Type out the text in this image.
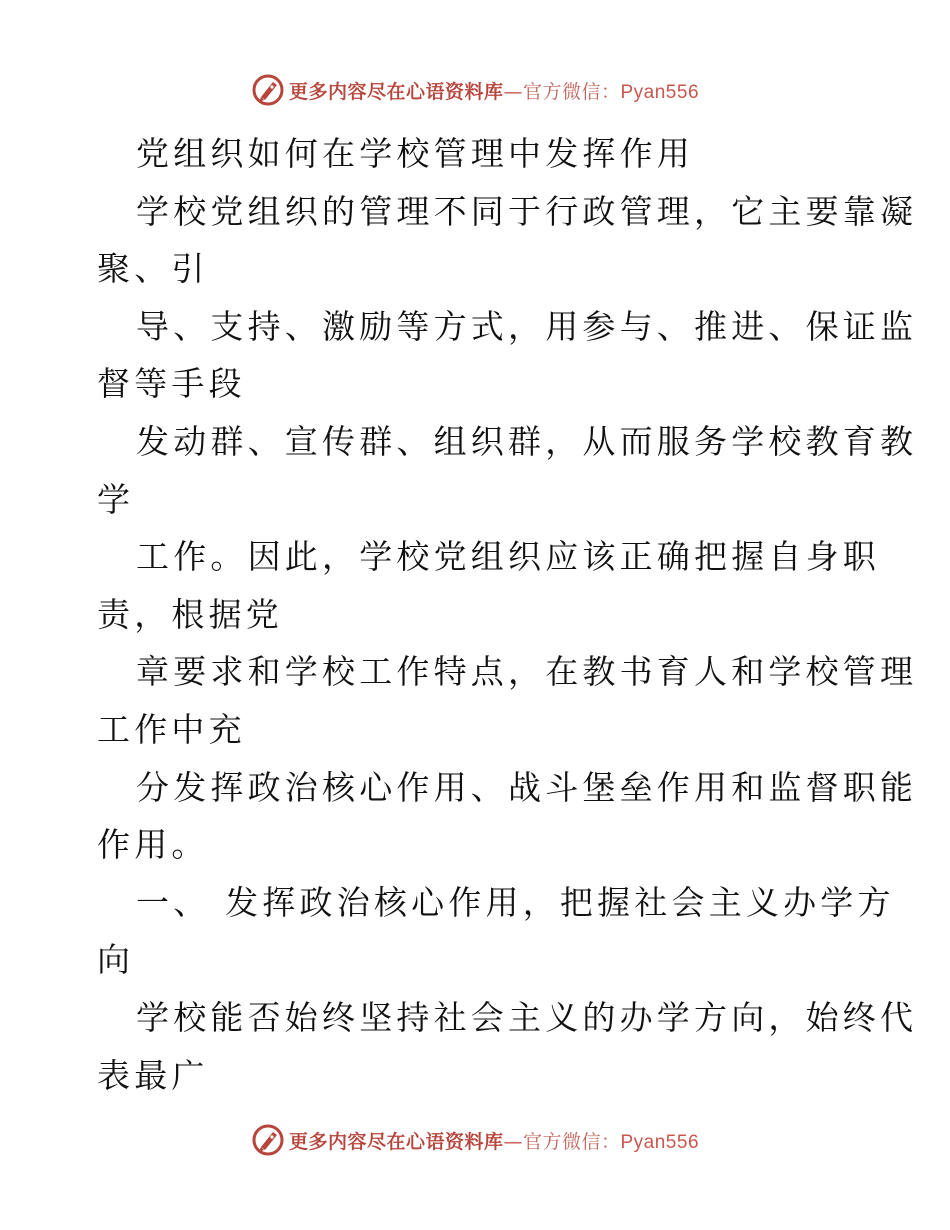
更多内容尽在心语资料库—官方微信：Pyan556

党组织如何在学校管理中发挥作用

学校党组织的管理不同于行政管理，它主要靠凝

聚、引

导、支持、激励等方式，用参与、推进、保证监

督等手段

发动群、宣传群、组织群，从而服务学校教育教

学

工作。因此，学校党组织应该正确把握自身职

责，根据党

章要求和学校工作特点，在教书育人和学校管理

工作中充

分发挥政治核心作用、战斗堡垒作用和监督职能

作用。

一、 发挥政治核心作用，把握社会主义办学方

向

学校能否始终坚持社会主义的办学方向，始终代

表最广

更多内容尽在心语资料库—官方微信：Pyan556
